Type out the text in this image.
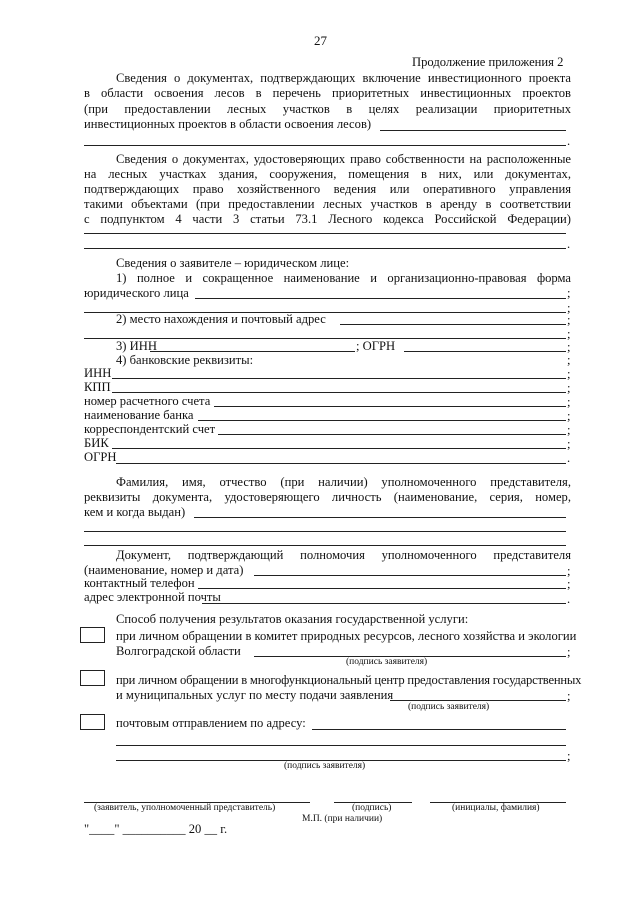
27
Продолжение приложения 2
Сведения о документах, подтверждающих включение инвестиционного проекта
в области освоения лесов в перечень приоритетных инвестиционных проектов
(при предоставлении лесных участков в целях реализации приоритетных
инвестиционных проектов в области освоения лесов)
.
Сведения о документах, удостоверяющих право собственности на расположенные
на лесных участках здания, сооружения, помещения в них, или документах,
подтверждающих право хозяйственного ведения или оперативного управления
такими объектами (при предоставлении лесных участков в аренду в соответствии
с подпунктом 4 части 3 статьи 73.1 Лесного кодекса Российской Федерации)
.
Сведения о заявителе – юридическом лице:
1) полное и сокращенное наименование и организационно-правовая форма
юридического лица	;
;
2) место нахождения и почтовый адрес	;
;
3) ИНН	; ОГРН	;
4) банковские реквизиты:	;
ИНН	;
КПП	;
номер расчетного счета	;
наименование банка	;
корреспондентский счет	;
БИК	;
ОГРН	.
Фамилия, имя, отчество (при наличии) уполномоченного представителя,
реквизиты документа, удостоверяющего личность (наименование, серия, номер,
кем и когда выдан)
Документ, подтверждающий полномочия уполномоченного представителя
(наименование, номер и дата)	;
контактный телефон	;
адрес электронной почты	.
Способ получения результатов оказания государственной услуги:
при личном обращении в комитет природных ресурсов, лесного хозяйства и экологии
Волгоградской области	;
(подпись заявителя)
при личном обращении в многофункциональный центр предоставления государственных
и муниципальных услуг по месту подачи заявления	;
(подпись заявителя)
почтовым отправлением по адресу:
;
(подпись заявителя)
(заявитель, уполномоченный представитель)	(подпись)	(инициалы, фамилия)
М.П. (при наличии)
"____" __________ 20 __ г.
